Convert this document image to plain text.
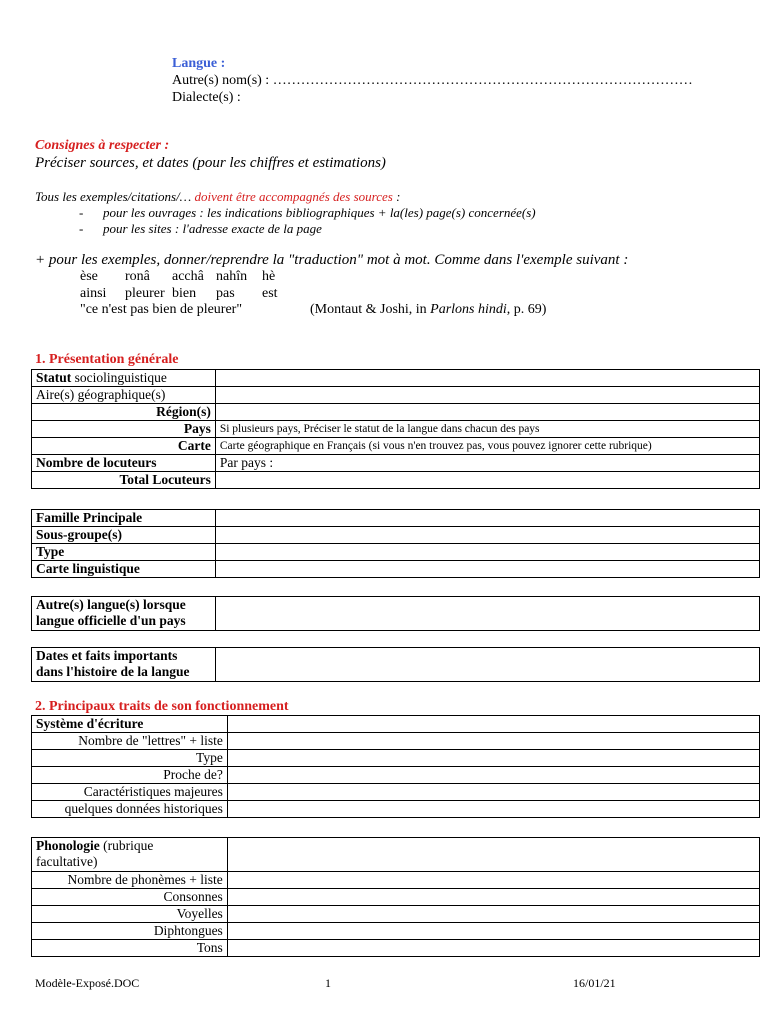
Langue :
Autre(s) nom(s) : ………………………………………………………………………………
Dialecte(s) :
Consignes à respecter :
Préciser sources, et dates (pour les chiffres et estimations)
Tous les exemples/citations/… doivent être accompagnés des sources :
- pour les ouvrages : les indications bibliographiques + la(les) page(s) concernée(s)
- pour les sites : l'adresse exacte de la page
+ pour les exemples, donner/reprendre la "traduction" mot à mot. Comme dans l'exemple suivant :
èse ronâ acchâ nahîn hè
ainsi pleurer bien pas est
"ce n'est pas bien de pleurer"	(Montaut & Joshi, in Parlons hindi, p. 69)
1. Présentation générale
Statut sociolinguistique	
Aire(s) géographique(s)	
Région(s)	
Pays	Si plusieurs pays, Préciser le statut de la langue dans chacun des pays
Carte	Carte géographique en Français (si vous n'en trouvez pas, vous pouvez ignorer cette rubrique)
Nombre de locuteurs	Par pays :
Total Locuteurs	
Famille Principale	
Sous-groupe(s)	
Type	
Carte linguistique	
Autre(s) langue(s) lorsque
langue officielle d'un pays

Dates et faits importants
dans l'histoire de la langue

2. Principaux traits de son fonctionnement
Système d'écriture	
Nombre de "lettres" + liste	
Type	
Proche de?	
Caractéristiques majeures	
quelques données historiques	
Phonologie (rubrique
facultative)	

Nombre de phonèmes + liste	
Consonnes	
Voyelles	
Diphtongues	
Tons	
Modèle-Exposé.DOC	1	16/01/21
